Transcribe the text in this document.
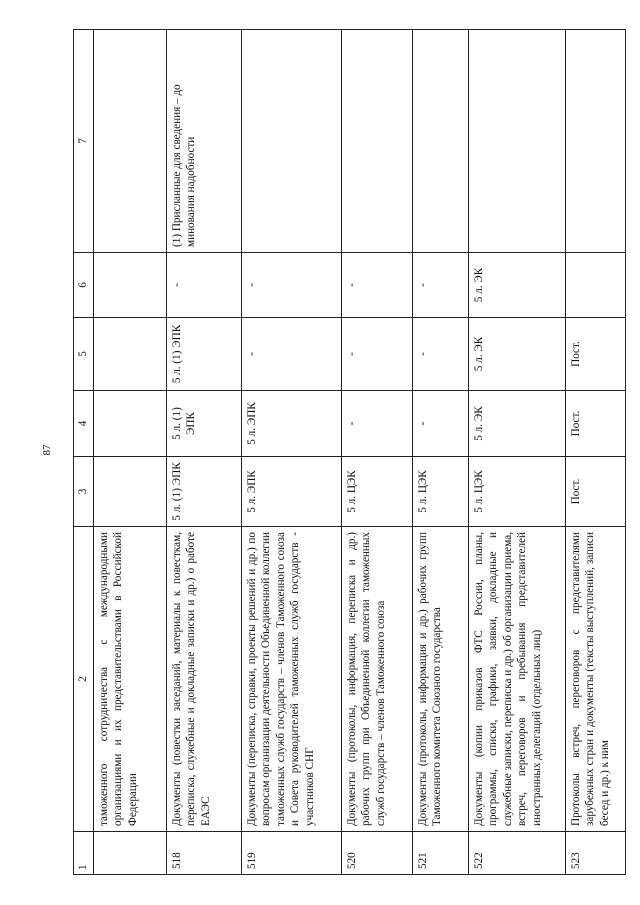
87
1	2	3	4	5	6	7
	таможенного сотрудничества с международными организациями и их представительствами в Российской Федерации					
518	Документы (повестки заседаний, материалы к повесткам, переписка, служебные и докладные записки и др.) о работе ЕАЭС	5 л. (1) ЭПК	5 л. (1) ЭПК	5 л. (1) ЭПК	-	(1) Присланные для сведения – до минования надобности
519	Документы (переписка, справки, проекты решений и др.) по вопросам организации деятельности Объединенной коллегии таможенных служб государств – членов Таможенного союза и Совета руководителей таможенных служб государств - участников СНГ	5 л. ЭПК	5 л. ЭПК	-	-	
520	Документы (протоколы, информация, переписка и др.) рабочих групп при Объединенной коллегии таможенных служб государств – членов Таможенного союза	5 л. ЦЭК	-	-	-	
521	Документы (протоколы, информация и др.) рабочих групп Таможенного комитета Союзного государства	5 л. ЦЭК	-	-	-	
522	Документы (копии приказов ФТС России, планы, программы, списки, графики, заявки, докладные и служебные записки, переписка и др.) об организации приема, встреч, переговоров и пребывания представителей иностранных делегаций (отдельных лиц)	5 л. ЦЭК	5 л. ЭК	5 л. ЭК	5 л. ЭК	
523	Протоколы встреч, переговоров с представителями зарубежных стран и документы (тексты выступлений, записи бесед и др.) к ним	Пост.	Пост.	Пост.		
